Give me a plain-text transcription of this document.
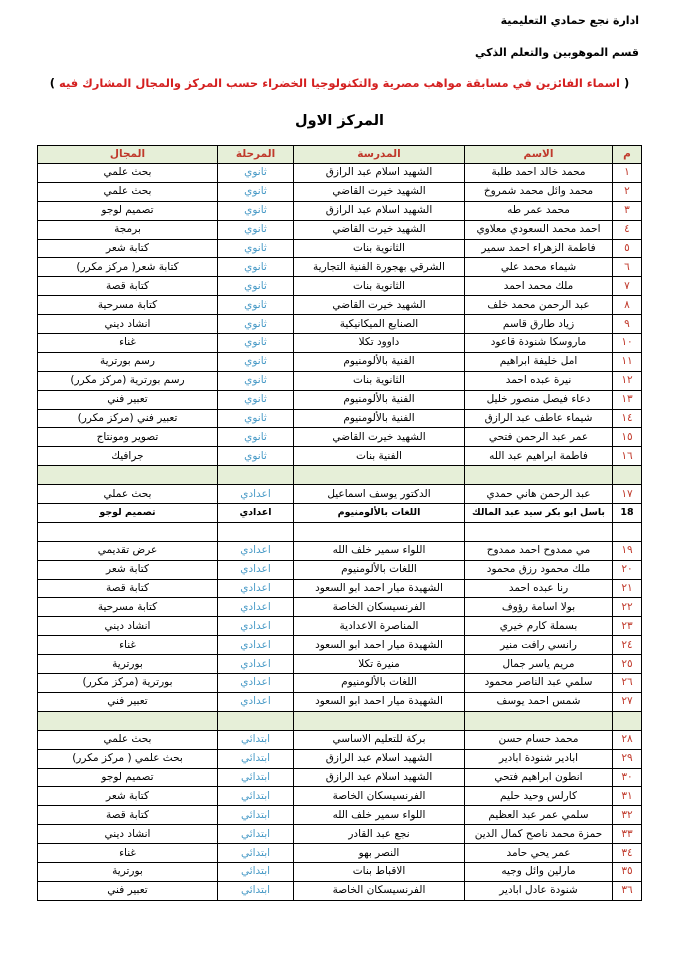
ادارة نجع حمادي التعليمية
قسم الموهوبين والتعلم الذكي
( اسماء الفائزين في مسابقة مواهب مصرية والتكنولوجيا الخضراء حسب المركز والمجال المشارك فيه )
المركز الاول
م	الاسم	المدرسة	المرحلة	المجال
١	محمد خالد احمد طلبة	الشهيد اسلام عبد الرازق	ثانوي	بحث علمي
٢	محمد وائل محمد شمروخ	الشهيد خيرت القاضي	ثانوي	بحث علمي
٣	محمد عمر طه	الشهيد اسلام عبد الرازق	ثانوي	تصميم لوجو
٤	احمد محمد السعودي معلاوي	الشهيد خيرت القاضي	ثانوي	برمجة
٥	فاطمة الزهراء احمد سمير	الثانوية بنات	ثانوي	كتابة شعر
٦	شيماء محمد علي	الشرقي بهجورة الفنية التجارية	ثانوي	كتابة شعر( مركز مكرر)
٧	ملك محمد احمد	الثانوية بنات	ثانوي	كتابة قصة
٨	عبد الرحمن محمد خلف	الشهيد خيرت القاضي	ثانوي	كتابة مسرحية
٩	زياد طارق قاسم	الصنايع الميكانيكية	ثانوي	انشاد ديني
١٠	ماروسكا شنودة قاعود	داوود تكلا	ثانوي	غناء
١١	امل خليفة ابراهيم	الفنية بالألومنيوم	ثانوي	رسم بورترية
١٢	نيرة عبده احمد	الثانوية بنات	ثانوي	رسم بورترية (مركز مكرر)
١٣	دعاء فيصل منصور خليل	الفنية بالألومنيوم	ثانوي	تعبير فني
١٤	شيماء عاطف عبد الرازق	الفنية بالألومنيوم	ثانوي	تعبير فني (مركز مكرر)
١٥	عمر عبد الرحمن فتحي	الشهيد خيرت القاضي	ثانوي	تصوير ومونتاج
١٦	فاطمة ابراهيم عبد الله	الفنية بنات	ثانوي	جرافيك

١٧	عبد الرحمن هاني حمدي	الدكتور يوسف اسماعيل	اعدادي	بحث عملي
18	باسل ابو بكر سيد عبد المالك	اللغات بالألومنيوم	اعدادي	تصميم لوجو

١٩	مي ممدوح احمد ممدوح	اللواء سمير خلف الله	اعدادي	عرض تقديمي
٢٠	ملك محمود رزق محمود	اللغات بالألومنيوم	اعدادي	كتابة شعر
٢١	رنا عبده احمد	الشهيدة ميار احمد ابو السعود	اعدادي	كتابة قصة
٢٢	بولا اسامة رؤوف	الفرنسيسكان الخاصة	اعدادي	كتابة مسرحية
٢٣	بسملة كارم خيري	المناصرة الاعدادية	اعدادي	انشاد ديني
٢٤	رانسي رافت منير	الشهيدة ميار احمد ابو السعود	اعدادي	غناء
٢٥	مريم ياسر جمال	منيرة تكلا	اعدادي	بورترية
٢٦	سلمي عبد الناصر محمود	اللغات بالألومنيوم	اعدادي	بورترية (مركز مكرر)
٢٧	شمس احمد يوسف	الشهيدة ميار احمد ابو السعود	اعدادي	تعبير فني

٢٨	محمد حسام حسن	بركة للتعليم الاساسي	ابتدائي	بحث علمي
٢٩	ابادير شنودة ابادير	الشهيد اسلام عبد الرازق	ابتدائي	بحث علمي ( مركز مكرر)
٣٠	انطون ابراهيم فتحي	الشهيد اسلام عبد الرازق	ابتدائي	تصميم لوجو
٣١	كارلس وحيد حليم	الفرنسيسكان الخاصة	ابتدائي	كتابة شعر
٣٢	سلمي عمر عبد العظيم	اللواء سمير خلف الله	ابتدائي	كتابة قصة
٣٣	حمزة محمد ناصح كمال الدين	نجع عبد القادر	ابتدائي	انشاد ديني
٣٤	عمر يحي حامد	النصر بهو	ابتدائي	غناء
٣٥	مارلين وائل وجيه	الاقباط بنات	ابتدائي	بورترية
٣٦	شنودة عادل ابادير	الفرنسيسكان الخاصة	ابتدائي	تعبير فني
